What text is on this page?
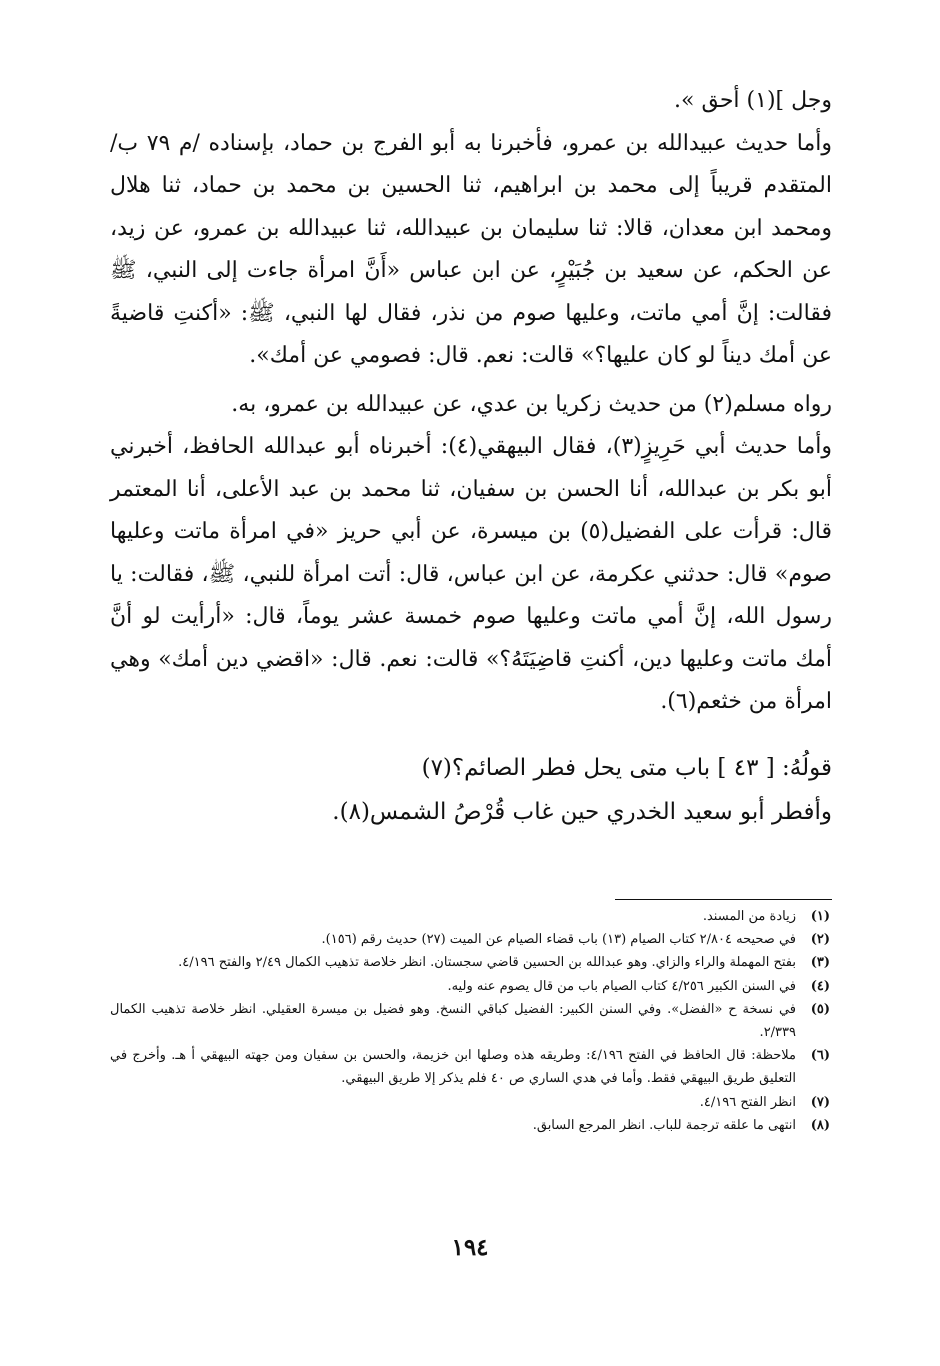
وجل ](١) أحق ».

وأما حديث عبيدالله بن عمرو، فأخبرنا به أبو الفرج بن حماد، بإسناده /م ٧٩ ب/ المتقدم قريباً إلى محمد بن ابراهيم، ثنا الحسين بن محمد بن حماد، ثنا هلال ومحمد ابن معدان، قالا: ثنا سليمان بن عبيدالله، ثنا عبيدالله بن عمرو، عن زيد، عن الحكم، عن سعيد بن جُبَيْرٍ، عن ابن عباس «أَنَّ امرأة جاءت إلى النبي، ﷺ فقالت: إنَّ أمي ماتت، وعليها صوم من نذر، فقال لها النبي، ﷺ: «أكنتِ قاضيةً عن أمك ديناً لو كان عليها؟» قالت: نعم. قال: فصومي عن أمك».

رواه مسلم(٢) من حديث زكريا بن عدي، عن عبيدالله بن عمرو، به.

وأما حديث أبي حَرِيزٍ(٣)، فقال البيهقي(٤): أخبرناه أبو عبدالله الحافظ، أخبرني أبو بكر بن عبدالله، أنا الحسن بن سفيان، ثنا محمد بن عبد الأعلى، أنا المعتمر قال: قرأت على الفضيل(٥) بن ميسرة، عن أبي حريز «في امرأة ماتت وعليها صوم» قال: حدثني عكرمة، عن ابن عباس، قال: أتت امرأة للنبي، ﷺ، فقالت: يا رسول الله، إنَّ أمي ماتت وعليها صوم خمسة عشر يوماً، قال: «أرأيت لو أنَّ أمك ماتت وعليها دين، أكنتِ قاضِيَتَهُ؟» قالت: نعم. قال: «اقضي دين أمك» وهي امرأة من خثعم(٦).

قولُهُ: [ ٤٣ ] باب متى يحل فطر الصائم؟(٧)

وأفطر أبو سعيد الخدري حين غاب قُرْصُ الشمس(٨).

(١)
زيادة من المسند.
(٢)
في صحيحه ٢/٨٠٤ كتاب الصيام (١٣) باب قضاء الصيام عن الميت (٢٧) حديث رقم (١٥٦).
(٣)
بفتح المهملة والراء والزاي. وهو عبدالله بن الحسين قاضي سجستان. انظر خلاصة تذهيب الكمال ٢/٤٩ والفتح ٤/١٩٦.
(٤)
في السنن الكبير ٤/٢٥٦ كتاب الصيام باب من قال يصوم عنه وليه.
(٥)
في نسخة ح «الفضل». وفي السنن الكبير: الفضيل كباقي النسخ. وهو فضيل بن ميسرة العقيلي. انظر خلاصة تذهيب الكمال ٢/٣٣٩.
(٦)
ملاحظة: قال الحافظ في الفتح ٤/١٩٦: وطريقه هذه وصلها ابن خزيمة، والحسن بن سفيان ومن جهته البيهقي أ هـ. وأخرج في التعليق طريق البيهقي فقط. وأما في هدي الساري ص ٤٠ فلم يذكر إلا طريق البيهقي.
(٧)
انظر الفتح ٤/١٩٦.
(٨)
انتهى ما علقه ترجمة للباب. انظر المرجع السابق.
١٩٤
